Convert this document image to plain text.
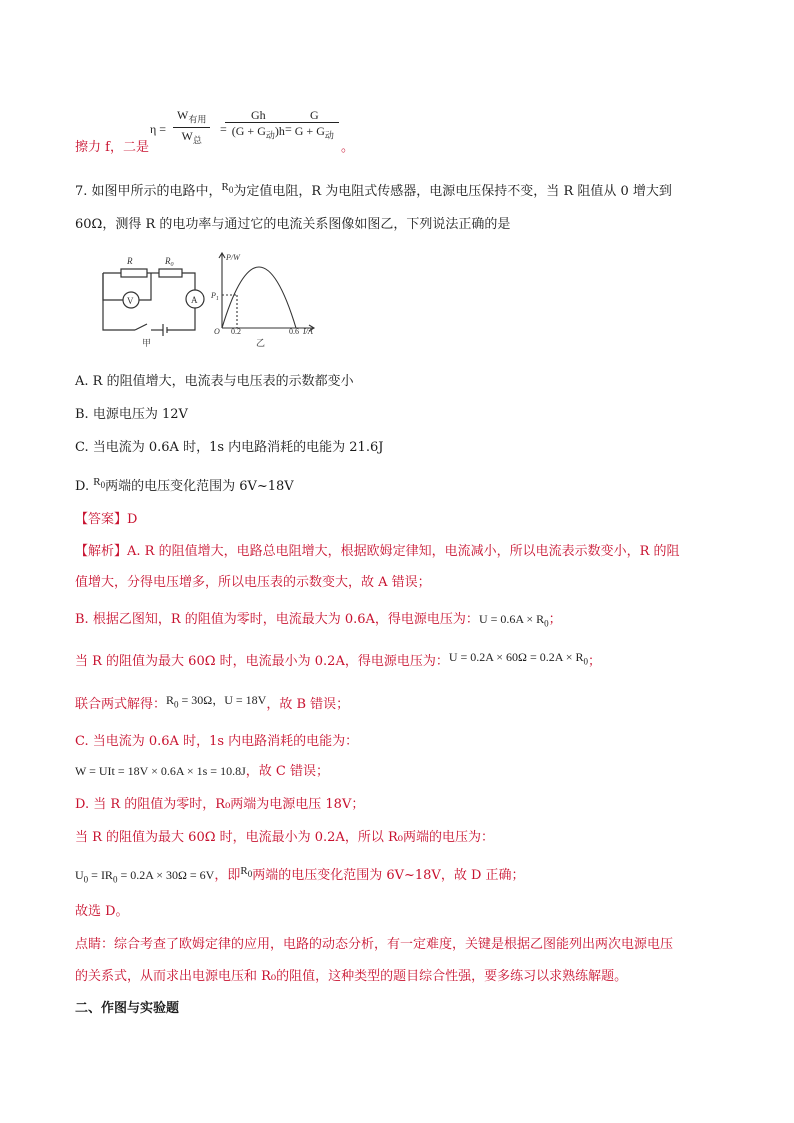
擦力 f，二是
$\eta = \frac{W_{有用}}{W_总}$ =
$\frac{Gh}{(G + G_动)h}$
=
$\frac{G}{G + G_动}$
。
7. 如图甲所示的电路中，$^{R_0}$为定值电阻，R 为电阻式传感器，电源电压保持不变，当 R 阻值从 0 增大到
60Ω，测得 R 的电功率与通过它的电流关系图像如图乙，下列说法正确的是
R	$R_0$
V	A
甲
P/W
$P_1$
O 0.2	0.6 I/A
乙
A. R 的阻值增大，电流表与电压表的示数都变小
B. 电源电压为 12V
C. 当电流为 0.6A 时，1s 内电路消耗的电能为 21.6J
D. $^{R_0}$两端的电压变化范围为 6V~18V
【答案】D
【解析】A. R 的阻值增大，电路总电阻增大，根据欧姆定律知，电流减小，所以电流表示数变小，R 的阻
值增大，分得电压增多，所以电压表的示数变大，故 A 错误；
B. 根据乙图知，R 的阻值为零时，电流最大为 0.6A，得电源电压为：$U = 0.6A \times R_0$；
当 R 的阻值为最大 60Ω 时，电流最小为 0.2A，得电源电压为：$U = 0.2A \times 60\Omega = 0.2A \times R_0$；
联合两式解得：$R_0 = 30\Omega$，U = 18V，故 B 错误；
C. 当电流为 0.6A 时，1s 内电路消耗的电能为：
W = UIt = 18V × 0.6A × 1s = 10.8J，故 C 错误；
D. 当 R 的阻值为零时，R₀两端为电源电压 18V；
当 R 的阻值为最大 60Ω 时，电流最小为 0.2A，所以 R₀两端的电压为：
$U_0 = IR_0 = 0.2A \times 30\Omega = 6V$，即$^{R_0}$两端的电压变化范围为 6V~18V，故 D 正确；
故选 D。
点睛：综合考查了欧姆定律的应用，电路的动态分析，有一定难度，关键是根据乙图能列出两次电源电压
的关系式，从而求出电源电压和 R₀的阻值，这种类型的题目综合性强，要多练习以求熟练解题。
二、作图与实验题
